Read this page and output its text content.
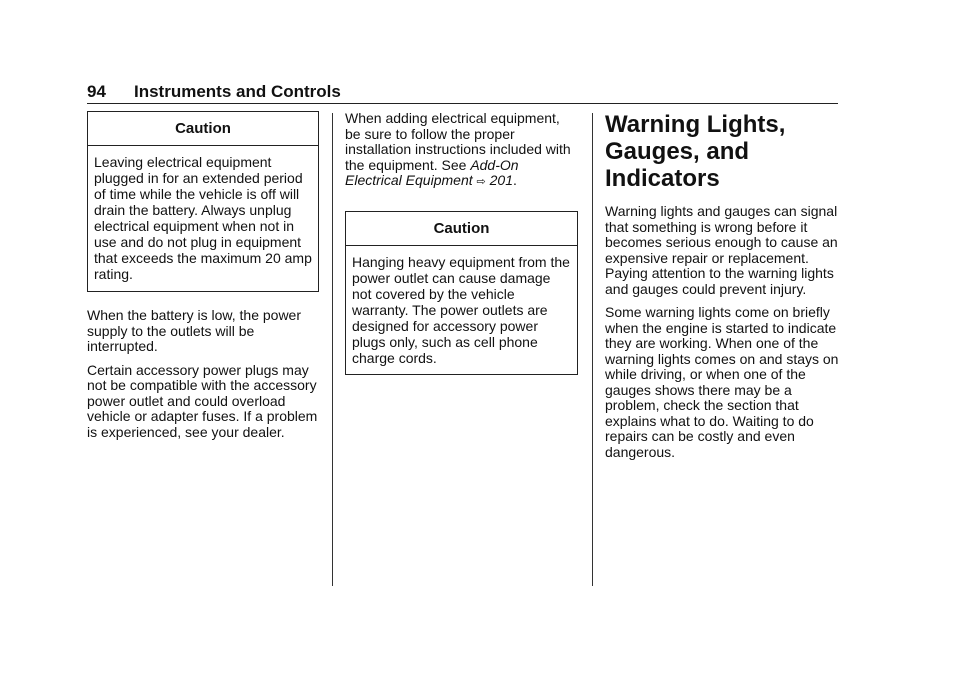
94 Instruments and Controls
Caution

Leaving electrical equipment plugged in for an extended period of time while the vehicle is off will drain the battery. Always unplug electrical equipment when not in use and do not plug in equipment that exceeds the maximum 20 amp rating.

When the battery is low, the power supply to the outlets will be interrupted.

Certain accessory power plugs may not be compatible with the accessory power outlet and could overload vehicle or adapter fuses. If a problem is experienced, see your dealer.

When adding electrical equipment, be sure to follow the proper installation instructions included with the equipment. See Add-On Electrical Equipment ⇨ 201.

Caution

Hanging heavy equipment from the power outlet can cause damage not covered by the vehicle warranty. The power outlets are designed for accessory power plugs only, such as cell phone charge cords.

Warning Lights, Gauges, and Indicators

Warning lights and gauges can signal that something is wrong before it becomes serious enough to cause an expensive repair or replacement. Paying attention to the warning lights and gauges could prevent injury.

Some warning lights come on briefly when the engine is started to indicate they are working. When one of the warning lights comes on and stays on while driving, or when one of the gauges shows there may be a problem, check the section that explains what to do. Waiting to do repairs can be costly and even dangerous.
